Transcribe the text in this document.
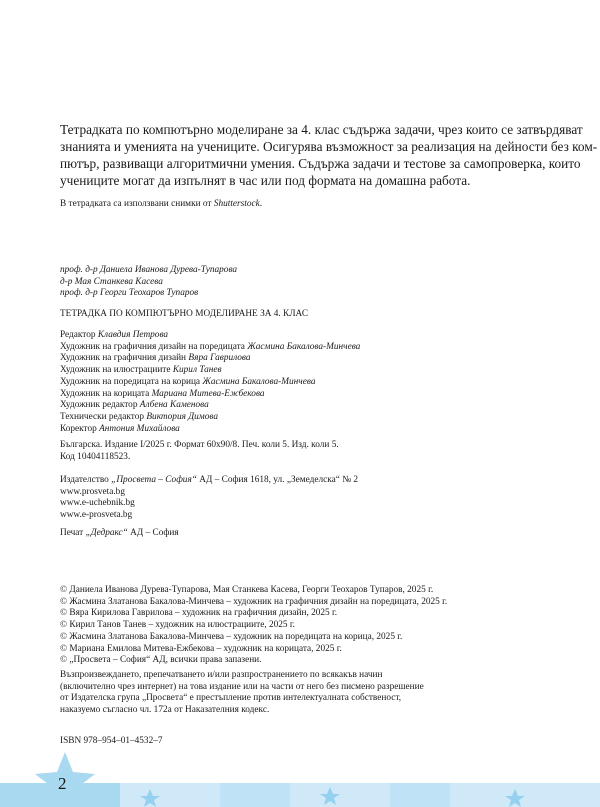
Тетрадката по компютърно моделиране за 4. клас съдържа задачи, чрез които се затвърдяват
знанията и уменията на учениците. Осигурява възможност за реализация на дейности без ком-
пютър, развиващи алгоритмични умения. Съдържа задачи и тестове за самопроверка, които
учениците могат да изпълнят в час или под формата на домашна работа.
В тетрадката са използвани снимки от Shutterstock.
проф. д-р Даниела Иванова Дурева-Тупарова
д-р Мая Станкева Касева
проф. д-р Георги Теохаров Тупаров
ТЕТРАДКА ПО КОМПЮТЪРНО МОДЕЛИРАНЕ ЗА 4. КЛАС
Редактор Клавдия Петрова
Художник на графичния дизайн на поредицата Жасмина Бакалова-Минчева
Художник на графичния дизайн Вяра Гаврилова
Художник на илюстрациите Кирил Танев
Художник на поредицата на корица Жасмина Бакалова-Минчева
Художник на корицата Мариана Митева-Ежбекова
Художник редактор Албена Каменова
Технически редактор Виктория Димова
Коректор Антония Михайлова
Българска. Издание I/2025 г. Формат 60х90/8. Печ. коли 5. Изд. коли 5.
Код 10404118523.
Издателство „Просвета – София“ АД – София 1618, ул. „Земеделска“ № 2
www.prosveta.bg
www.e-uchebnik.bg
www.e-prosveta.bg
Печат „Дедракс“ АД – София
© Даниела Иванова Дурева-Тупарова, Мая Станкева Касева, Георги Теохаров Тупаров, 2025 г.
© Жасмина Златанова Бакалова-Минчева – художник на графичния дизайн на поредицата, 2025 г.
© Вяра Кирилова Гаврилова – художник на графичния дизайн, 2025 г.
© Кирил Танов Танев – художник на илюстрациите, 2025 г.
© Жасмина Златанова Бакалова-Минчева – художник на поредицата на корица, 2025 г.
© Мариана Емилова Митева-Ежбекова – художник на корицата, 2025 г.
© „Просвета – София“ АД, всички права запазени.
Възпроизвеждането, препечатването и/или разпространението по всякакъв начин
(включително чрез интернет) на това издание или на части от него без писмено разрешение
от Издателска група „Просвета“ е престъпление против интелектуалната собственост,
наказуемо съгласно чл. 172а от Наказателния кодекс.
ISBN 978–954–01–4532–7
2
